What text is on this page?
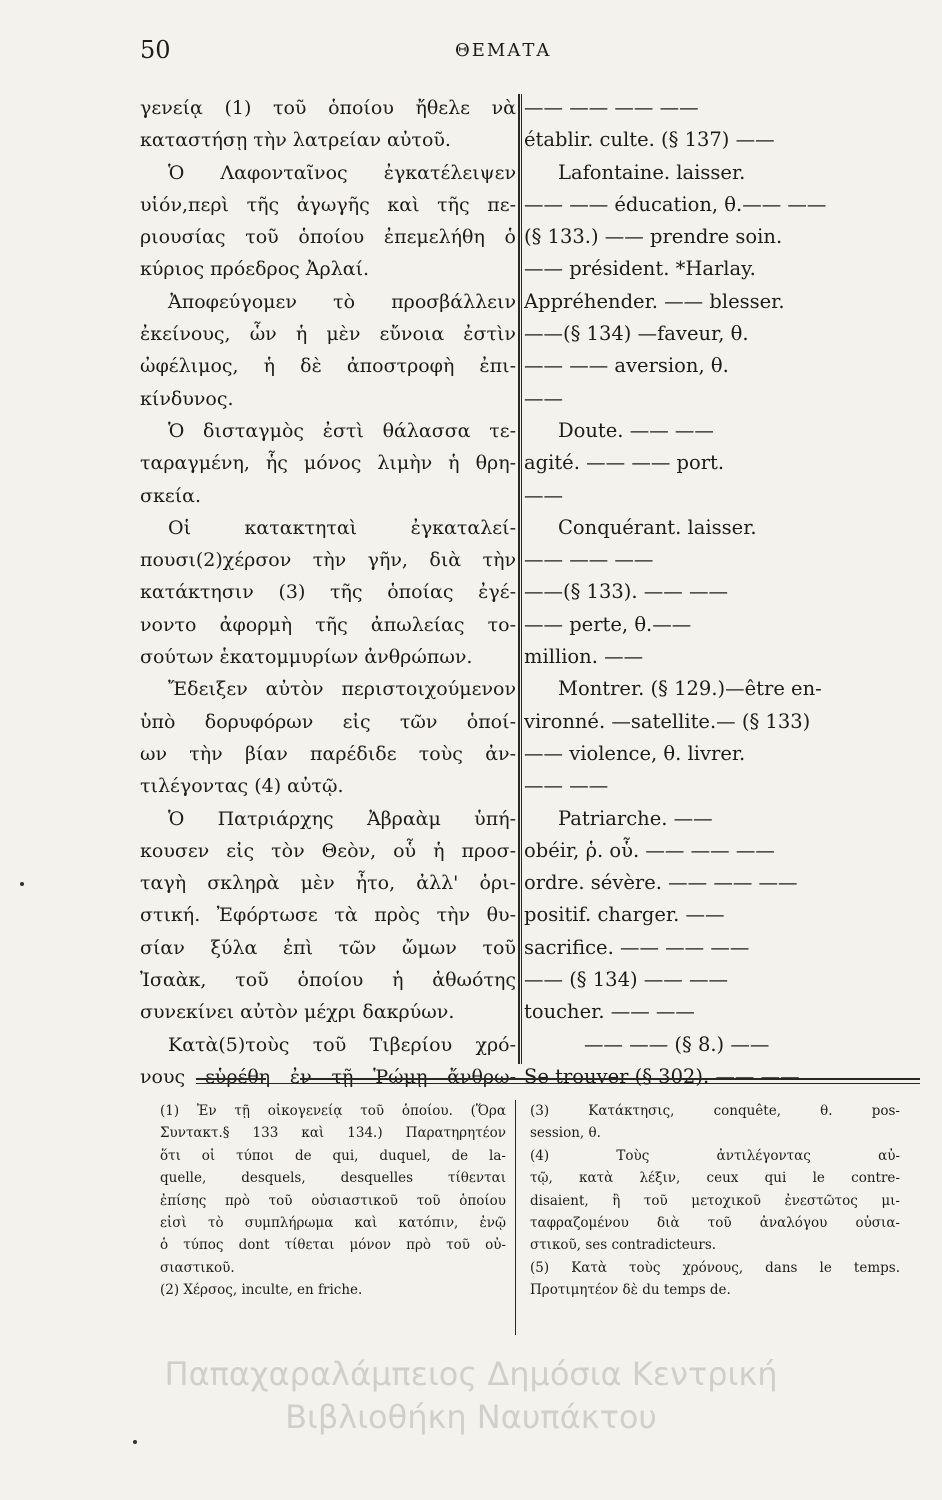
50	ΘΕΜΑΤΑ
γενείᾳ (1) τοῦ ὁποίου ἤθελε νὰ
καταστήσῃ τὴν λατρείαν αὐτοῦ.
Ὁ Λαφονταῖνος ἐγκατέλειψεν
υἱόν,περὶ τῆς ἀγωγῆς καὶ τῆς πε-
ριουσίας τοῦ ὁποίου ἐπεμελήθη ὁ
κύριος πρόεδρος Ἀρλαί.
Ἀποφεύγομεν τὸ προσβάλλειν
ἐκείνους, ὧν ἡ μὲν εὔνοια ἐστὶν
ὠφέλιμος, ἡ δὲ ἀποστροφὴ ἐπι-
κίνδυνος.
Ὁ δισταγμὸς ἐστὶ θάλασσα τε-
ταραγμένη, ἧς μόνος λιμὴν ἡ θρη-
σκεία.
Οἱ κατακτηταὶ ἐγκαταλεί-
πουσι(2)χέρσον τὴν γῆν, διὰ τὴν
κατάκτησιν (3) τῆς ὁποίας ἐγέ-
νοντο ἀφορμὴ τῆς ἀπωλείας το-
σούτων ἑκατομμυρίων ἀνθρώπων.
Ἔδειξεν αὐτὸν περιστοιχούμενον
ὑπὸ δορυφόρων εἰς τῶν ὁποί-
ων τὴν βίαν παρέδιδε τοὺς ἀν-
τιλέγοντας (4) αὐτῷ.
Ὁ Πατριάρχης Ἀβραὰμ ὑπή-
κουσεν εἰς τὸν Θεὸν, οὗ ἡ προσ-
ταγὴ σκληρὰ μὲν ἦτο, ἀλλ' ὁρι-
στική. Ἐφόρτωσε τὰ πρὸς τὴν θυ-
σίαν ξύλα ἐπὶ τῶν ὤμων τοῦ
Ἰσαὰκ, τοῦ ὁποίου ἡ ἀθωότης
συνεκίνει αὐτὸν μέχρι δακρύων.
Κατὰ(5)τοὺς τοῦ Τιβερίου χρό-
νους εὑρέθη ἐν τῇ Ῥώμῃ ἄνθρω-
—— —— —— ——
établir. culte. (§ 137) ——
Lafontaine. laisser.
—— —— éducation, θ.—— ——
(§ 133.) —— prendre soin.
—— président. *Harlay.
Appréhender. —— blesser.
——(§ 134) —faveur, θ.
—— —— aversion, θ.
——
Doute. —— ——
agité. —— —— port.
——
Conquérant. laisser.
—— —— ——
——(§ 133). —— ——
—— perte, θ.——
million. ——
Montrer. (§ 129.)—être en-
vironné. —satellite.— (§ 133)
—— violence, θ. livrer.
—— ——
Patriarche. ——
obéir, ῥ. οὗ. —— —— ——
ordre. sévère. —— —— ——
positif. charger. ——
sacrifice. —— —— ——
—— (§ 134) —— ——
toucher. —— ——
—— —— (§ 8.) ——
Se trouver (§ 302). —— ——
(1) Ἐν τῇ οἰκογενείᾳ τοῦ ὁποίου. (Ὅρα
Συντακτ.§ 133 καὶ 134.) Παρατηρητέον
ὅτι οἱ τύποι de qui, duquel, de la-
quelle, desquels, desquelles τίθενται
ἐπίσης πρὸ τοῦ οὐσιαστικοῦ τοῦ ὁποίου
εἰσὶ τὸ συμπλήρωμα καὶ κατόπιν, ἐνῷ
ὁ τύπος dont τίθεται μόνον πρὸ τοῦ οὐ-
σιαστικοῦ.
(2) Χέρσος, inculte, en friche.
(3) Κατάκτησις, conquête, θ. pos-
session, θ.
(4) Τοὺς ἀντιλέγοντας αὐ-
τῷ, κατὰ λέξιν, ceux qui le contre-
disaient, ἢ τοῦ μετοχικοῦ ἐνεστῶτος μι-
ταφραζομένου διὰ τοῦ ἀναλόγου οὐσια-
στικοῦ, ses contradicteurs.
(5) Κατὰ τοὺς χρόνους, dans le temps.
Προτιμητέον δὲ du temps de.
Παπαχαραλάμπειος Δημόσια Κεντρική
Βιβλιοθήκη Ναυπάκτου
